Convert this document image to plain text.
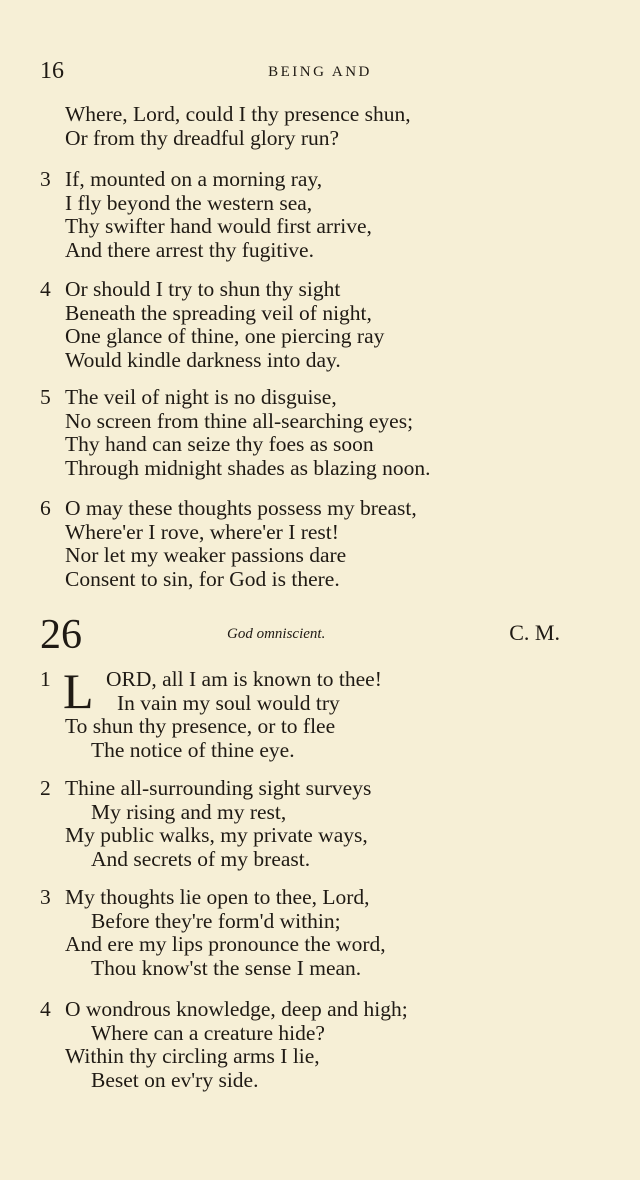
16	BEING AND
Where, Lord, could I thy presence shun,
Or from thy dreadful glory run?
3 If, mounted on a morning ray,
I fly beyond the western sea,
Thy swifter hand would first arrive,
And there arrest thy fugitive.
4 Or should I try to shun thy sight
Beneath the spreading veil of night,
One glance of thine, one piercing ray
Would kindle darkness into day.
5 The veil of night is no disguise,
No screen from thine all-searching eyes;
Thy hand can seize thy foes as soon
Through midnight shades as blazing noon.
6 O may these thoughts possess my breast,
Where'er I rove, where'er I rest!
Nor let my weaker passions dare
Consent to sin, for God is there.
26	God omniscient.	C. M.
1 L ORD, all I am is known to thee!
In vain my soul would try
To shun thy presence, or to flee
The notice of thine eye.
2 Thine all-surrounding sight surveys
My rising and my rest,
My public walks, my private ways,
And secrets of my breast.
3 My thoughts lie open to thee, Lord,
Before they're form'd within;
And ere my lips pronounce the word,
Thou know'st the sense I mean.
4 O wondrous knowledge, deep and high;
Where can a creature hide?
Within thy circling arms I lie,
Beset on ev'ry side.
